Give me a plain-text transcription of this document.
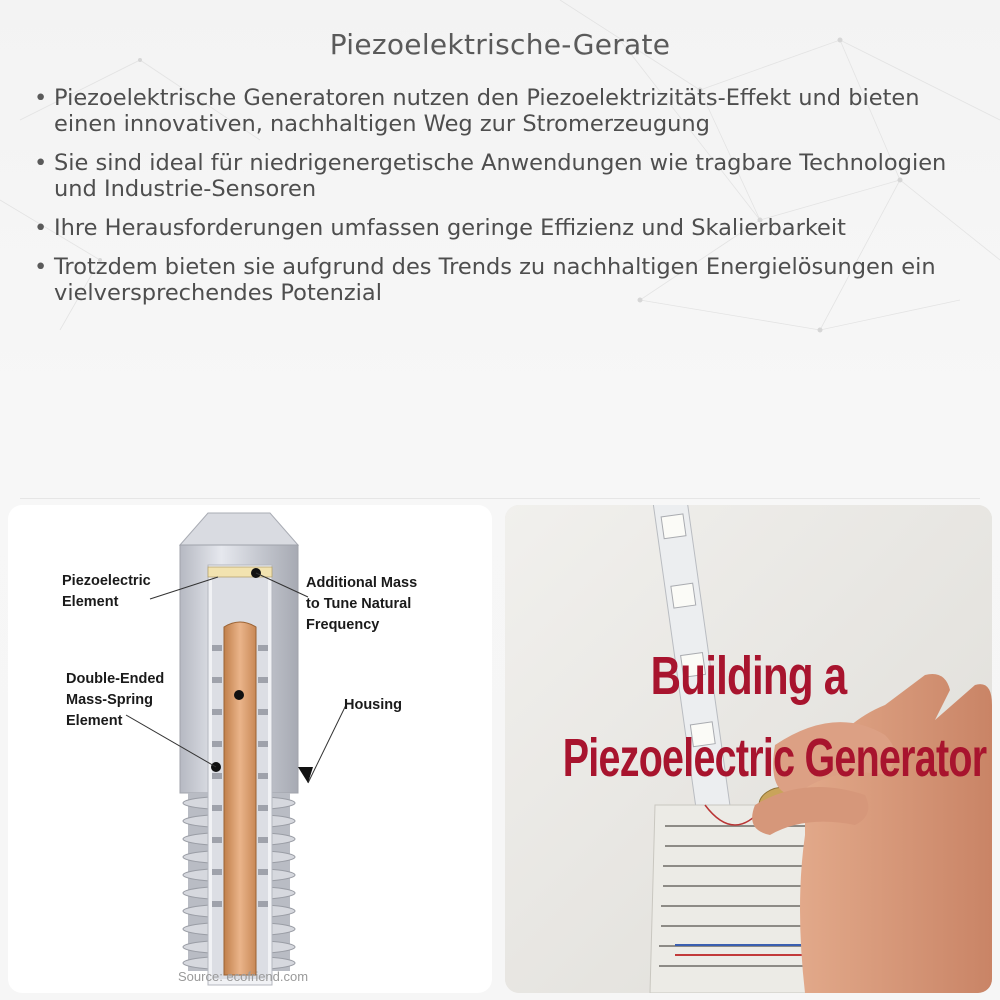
Piezoelektrische-Gerate
• Piezoelektrische Generatoren nutzen den Piezoelektrizitäts-Effekt und bieten einen innovativen, nachhaltigen Weg zur Stromerzeugung
• Sie sind ideal für niedrigenergetische Anwendungen wie tragbare Technologien und Industrie-Sensoren
• Ihre Herausforderungen umfassen geringe Effizienz und Skalierbarkeit
• Trotzdem bieten sie aufgrund des Trends zu nachhaltigen Energielösungen ein vielversprechendes Potenzial
Piezoelectric
Element
Additional Mass
to Tune Natural
Frequency
Double-Ended
Mass-Spring
Element
Housing
Source: ecofriend.com
Building a
Piezoelectric Generator
